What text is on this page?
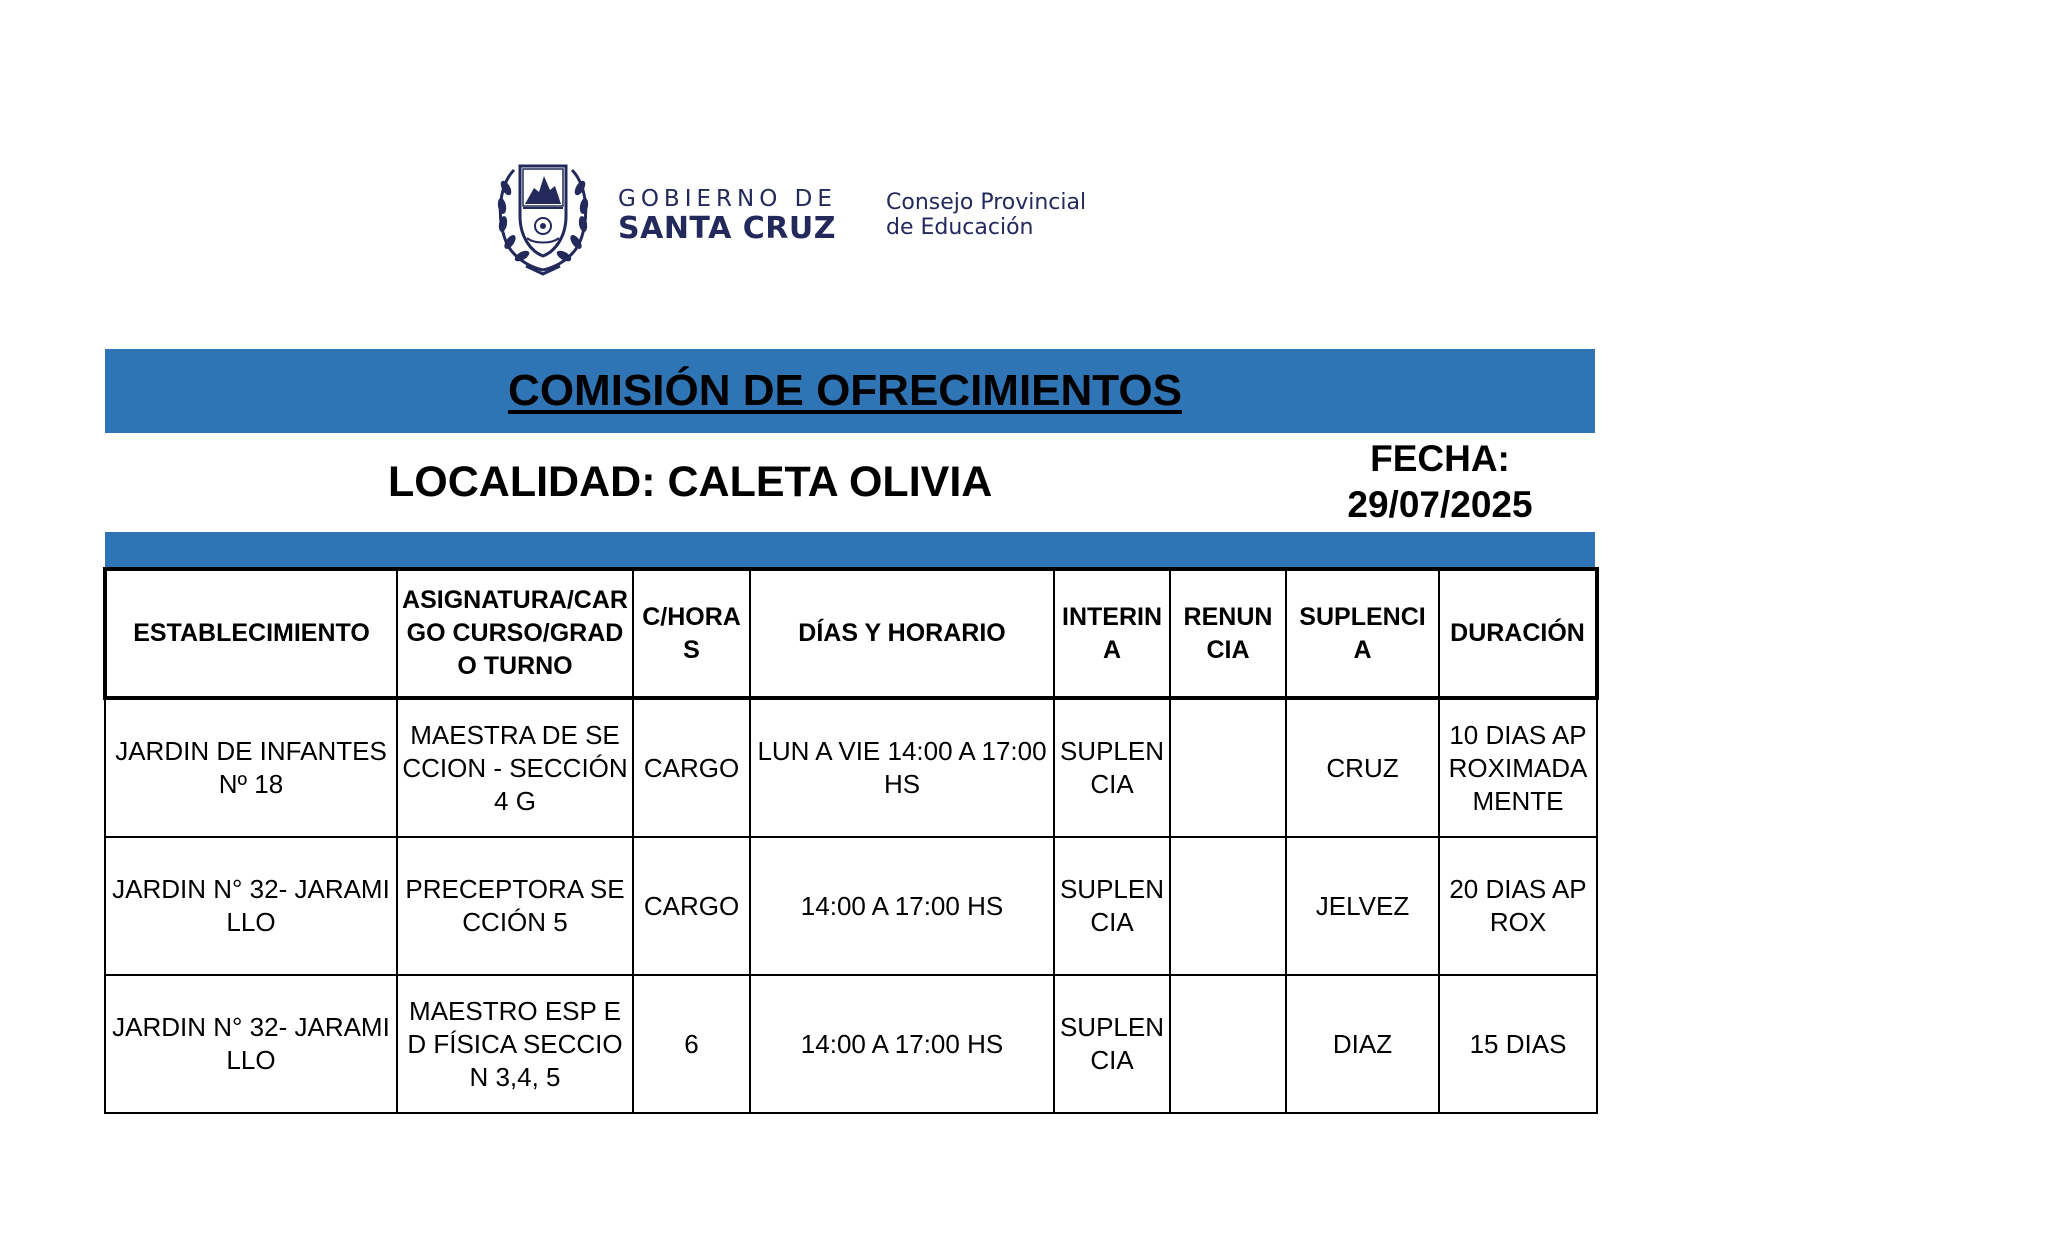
GOBIERNO DE
SANTA CRUZ
Consejo Provincial
de Educación
COMISIÓN DE OFRECIMIENTOS
LOCALIDAD: CALETA OLIVIA	FECHA:
29/07/2025
ESTABLECIMIENTO	ASIGNATURA/CARGO CURSO/GRADO TURNO	C/HORAS	DÍAS Y HORARIO	INTERINA	RENUNCIA	SUPLENCIA	DURACIÓN
JARDIN DE INFANTES Nº 18	MAESTRA DE SECCION - SECCIÓN 4 G	CARGO	LUN A VIE 14:00 A 17:00 HS	SUPLENCIA		CRUZ	10 DIAS APROXIMADAMENTE
JARDIN N° 32- JARAMILLO	PRECEPTORA SECCIÓN 5	CARGO	14:00 A 17:00 HS	SUPLENCIA		JELVEZ	20 DIAS APROX
JARDIN N° 32- JARAMILLO	MAESTRO ESP ED FÍSICA SECCION 3,4, 5	6	14:00 A 17:00 HS	SUPLENCIA		DIAZ	15 DIAS
